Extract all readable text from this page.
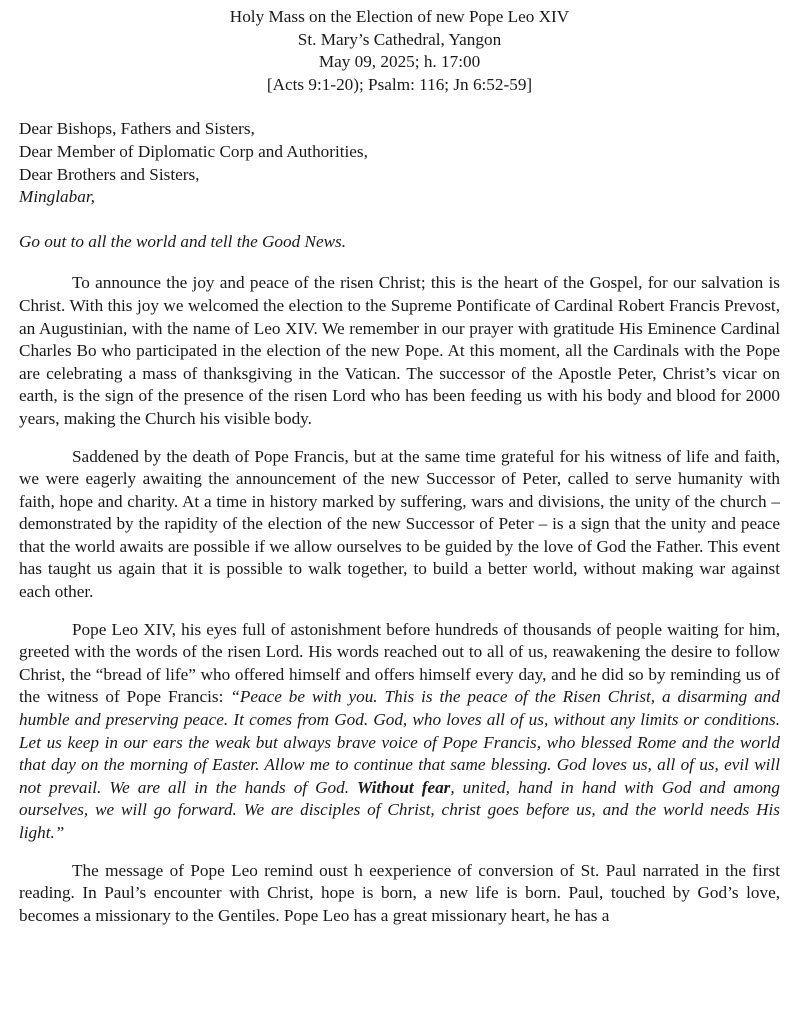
Holy Mass on the Election of new Pope Leo XIV
St. Mary’s Cathedral, Yangon
May 09, 2025; h. 17:00
[Acts 9:1-20); Psalm: 116; Jn 6:52-59]
Dear Bishops, Fathers and Sisters,
Dear Member of Diplomatic Corp and Authorities,
Dear Brothers and Sisters,
Minglabar,
Go out to all the world and tell the Good News.

To announce the joy and peace of the risen Christ; this is the heart of the Gospel, for our salvation is Christ. With this joy we welcomed the election to the Supreme Pontificate of Cardinal Robert Francis Prevost, an Augustinian, with the name of Leo XIV. We remember in our prayer with gratitude His Eminence Cardinal Charles Bo who participated in the election of the new Pope. At this moment, all the Cardinals with the Pope are celebrating a mass of thanksgiving in the Vatican. The successor of the Apostle Peter, Christ’s vicar on earth, is the sign of the presence of the risen Lord who has been feeding us with his body and blood for 2000 years, making the Church his visible body.

Saddened by the death of Pope Francis, but at the same time grateful for his witness of life and faith, we were eagerly awaiting the announcement of the new Successor of Peter, called to serve humanity with faith, hope and charity. At a time in history marked by suffering, wars and divisions, the unity of the church – demonstrated by the rapidity of the election of the new Successor of Peter – is a sign that the unity and peace that the world awaits are possible if we allow ourselves to be guided by the love of God the Father. This event has taught us again that it is possible to walk together, to build a better world, without making war against each other.

Pope Leo XIV, his eyes full of astonishment before hundreds of thousands of people waiting for him, greeted with the words of the risen Lord. His words reached out to all of us, reawakening the desire to follow Christ, the “bread of life” who offered himself and offers himself every day, and he did so by reminding us of the witness of Pope Francis: “Peace be with you. This is the peace of the Risen Christ, a disarming and humble and preserving peace. It comes from God. God, who loves all of us, without any limits or conditions. Let us keep in our ears the weak but always brave voice of Pope Francis, who blessed Rome and the world that day on the morning of Easter. Allow me to continue that same blessing. God loves us, all of us, evil will not prevail. We are all in the hands of God. Without fear, united, hand in hand with God and among ourselves, we will go forward. We are disciples of Christ, christ goes before us, and the world needs His light.”

The message of Pope Leo remind oust h eexperience of conversion of St. Paul narrated in the first reading. In Paul’s encounter with Christ, hope is born, a new life is born. Paul, touched by God’s love, becomes a missionary to the Gentiles. Pope Leo has a great missionary heart, he has a
